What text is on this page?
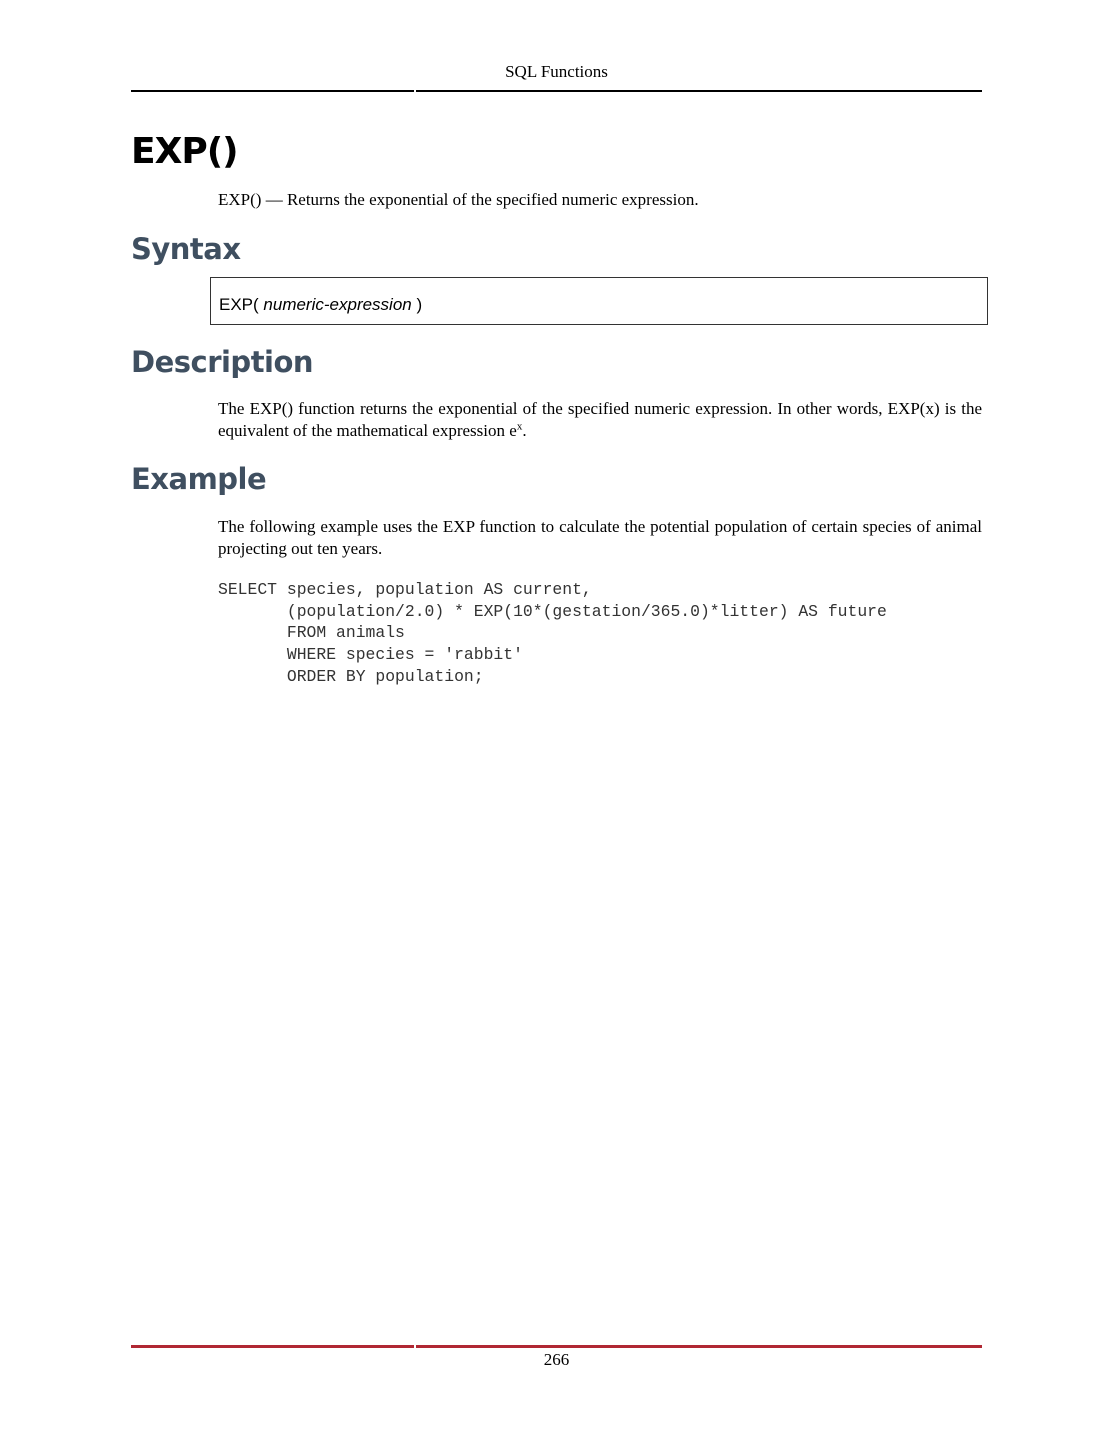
SQL Functions
EXP()

EXP() — Returns the exponential of the specified numeric expression.

Syntax
EXP( numeric-expression )
Description

The EXP() function returns the exponential of the specified numeric expression. In other words, EXP(x) is the equivalent of the mathematical expression $e^x$.

Example

The following example uses the EXP function to calculate the potential population of certain species of animal projecting out ten years.

SELECT species, population AS current,
(population/2.0) * EXP(10*(gestation/365.0)*litter) AS future
FROM animals
WHERE species = 'rabbit'
ORDER BY population;
266
